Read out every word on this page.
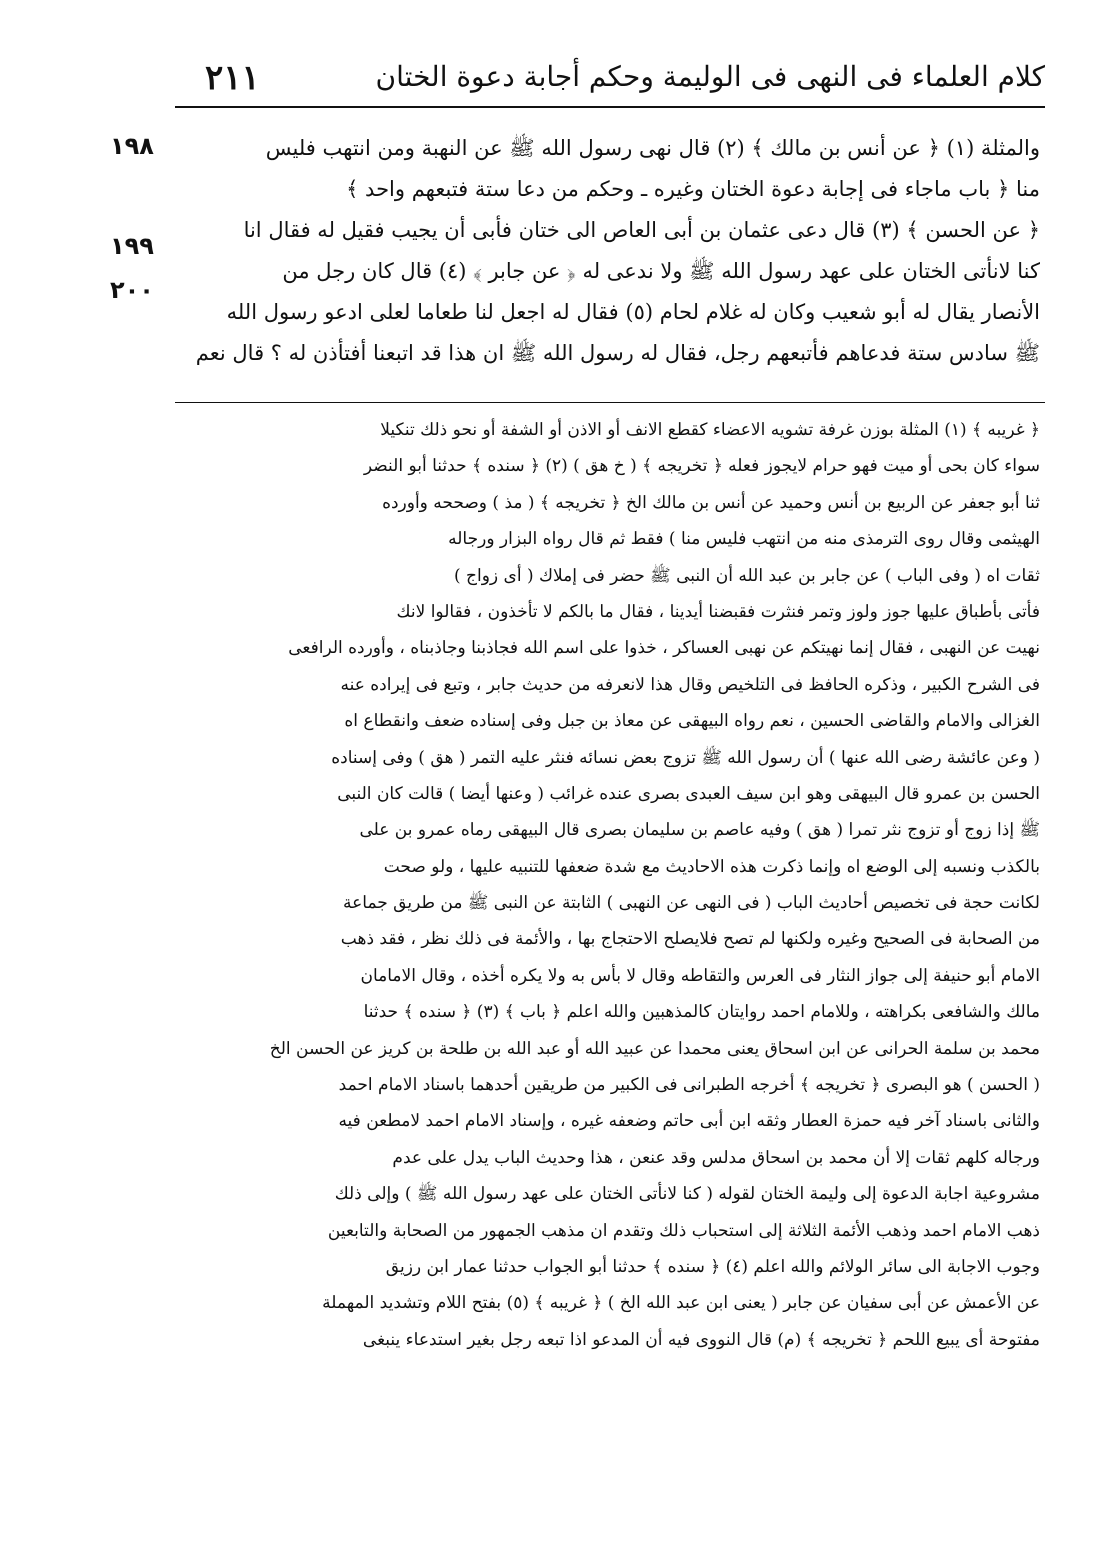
٢١١	كلام العلماء فى النهى فى الوليمة وحكم أجابة دعوة الختان
١٩٨
١٩٩
٢٠٠
والمثلة (١) ﴿ عن أنس بن مالك ﴾ (٢) قال نهى رسول الله ﷺ عن النهبة ومن انتهب فليس
منا ﴿ باب ماجاء فى إجابة دعوة الختان وغيره ـ وحكم من دعا ستة فتبعهم واحد ﴾
﴿ عن الحسن ﴾ (٣) قال دعى عثمان بن أبى العاص الى ختان فأبى أن يجيب فقيل له فقال انا
كنا لانأتى الختان على عهد رسول الله ﷺ ولا ندعى له ﴿ عن جابر ﴾ (٤) قال كان رجل من
الأنصار يقال له أبو شعيب وكان له غلام لحام (٥) فقال له اجعل لنا طعاما لعلى ادعو رسول الله
ﷺ سادس ستة فدعاهم فأتبعهم رجل، فقال له رسول الله ﷺ ان هذا قد اتبعنا أفتأذن له ؟ قال نعم
﴿ غريبه ﴾ (١) المثلة بوزن غرفة تشويه الاعضاء كقطع الانف أو الاذن أو الشفة أو نحو ذلك تنكيلا
سواء كان بحى أو ميت فهو حرام لايجوز فعله ﴿ تخريجه ﴾ ( خ هق ) (٢) ﴿ سنده ﴾ حدثنا أبو النضر
ثنا أبو جعفر عن الربيع بن أنس وحميد عن أنس بن مالك الخ ﴿ تخريجه ﴾ ( مذ ) وصححه وأورده
الهيثمى وقال روى الترمذى منه من انتهب فليس منا ) فقط ثم قال رواه البزار ورجاله
ثقات اه ( وفى الباب ) عن جابر بن عبد الله أن النبى ﷺ حضر فى إملاك ( أى زواج )
فأتى بأطباق عليها جوز ولوز وتمر فنثرت فقبضنا أيدينا ، فقال ما بالكم لا تأخذون ، فقالوا لانك
نهيت عن النهبى ، فقال إنما نهيتكم عن نهبى العساكر ، خذوا على اسم الله فجاذبنا وجاذبناه ، وأورده الرافعى
فى الشرح الكبير ، وذكره الحافظ فى التلخيص وقال هذا لانعرفه من حديث جابر ، وتبع فى إيراده عنه
الغزالى والامام والقاضى الحسين ، نعم رواه البيهقى عن معاذ بن جبل وفى إسناده ضعف وانقطاع اه
( وعن عائشة رضى الله عنها ) أن رسول الله ﷺ تزوج بعض نسائه فنثر عليه التمر ( هق ) وفى إسناده
الحسن بن عمرو قال البيهقى وهو ابن سيف العبدى بصرى عنده غرائب ( وعنها أيضا ) قالت كان النبى
ﷺ إذا زوج أو تزوج نثر تمرا ( هق ) وفيه عاصم بن سليمان بصرى قال البيهقى رماه عمرو بن على
بالكذب ونسبه إلى الوضع اه وإنما ذكرت هذه الاحاديث مع شدة ضعفها للتنبيه عليها ، ولو صحت
لكانت حجة فى تخصيص أحاديث الباب ( فى النهى عن النهبى ) الثابتة عن النبى ﷺ من طريق جماعة
من الصحابة فى الصحيح وغيره ولكنها لم تصح فلايصلح الاحتجاج بها ، والأئمة فى ذلك نظر ، فقد ذهب
الامام أبو حنيفة إلى جواز النثار فى العرس والتقاطه وقال لا بأس به ولا يكره أخذه ، وقال الامامان
مالك والشافعى بكراهته ، وللامام احمد روايتان كالمذهبين والله اعلم ﴿ باب ﴾ (٣) ﴿ سنده ﴾ حدثنا
محمد بن سلمة الحرانى عن ابن اسحاق يعنى محمدا عن عبيد الله أو عبد الله بن طلحة بن كريز عن الحسن الخ
( الحسن ) هو البصرى ﴿ تخريجه ﴾ أخرجه الطبرانى فى الكبير من طريقين أحدهما باسناد الامام احمد
والثانى باسناد آخر فيه حمزة العطار وثقه ابن أبى حاتم وضعفه غيره ، وإسناد الامام احمد لامطعن فيه
ورجاله كلهم ثقات إلا أن محمد بن اسحاق مدلس وقد عنعن ، هذا وحديث الباب يدل على عدم
مشروعية اجابة الدعوة إلى وليمة الختان لقوله ( كنا لانأتى الختان على عهد رسول الله ﷺ ) وإلى ذلك
ذهب الامام احمد وذهب الأئمة الثلاثة إلى استحباب ذلك وتقدم ان مذهب الجمهور من الصحابة والتابعين
وجوب الاجابة الى سائر الولائم والله اعلم (٤) ﴿ سنده ﴾ حدثنا أبو الجواب حدثنا عمار ابن رزيق
عن الأعمش عن أبى سفيان عن جابر ( يعنى ابن عبد الله الخ ) ﴿ غريبه ﴾ (٥) بفتح اللام وتشديد المهملة
مفتوحة أى يبيع اللحم ﴿ تخريجه ﴾ (م) قال النووى فيه أن المدعو اذا تبعه رجل بغير استدعاء ينبغى
